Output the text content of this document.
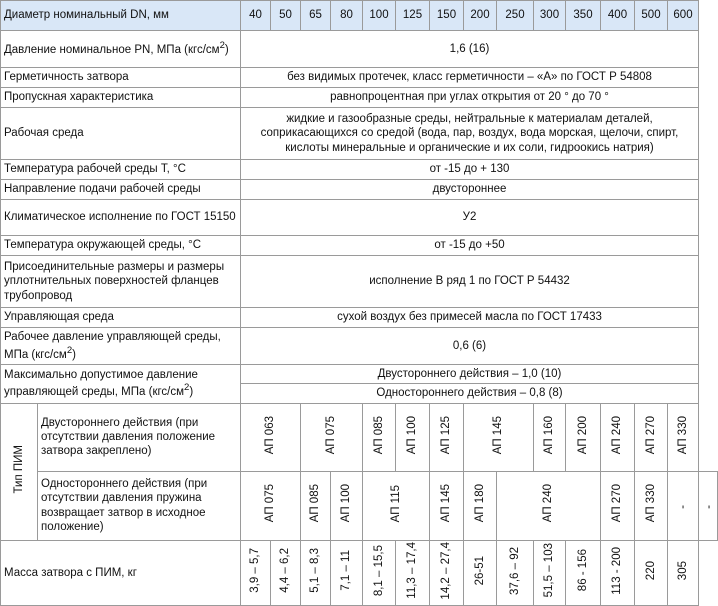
Диаметр номинальный DN, мм		40	50	65	80	100	125	150	200	250	300	350	400	500	600	
Давление номинальное PN, МПа $(кгс/см^2)$		1,6 (16)														
Герметичность затвора		без видимых протечек, класс герметичности – «А» по ГОСТ Р 54808														
Пропускная характеристика		равнопроцентная при углах открытия от 20 ° до 70 °														
Рабочая среда		жидкие и газообразные среды, нейтральные к материалам деталей, соприкасающихся со средой (вода, пар, воздух, вода морская, щелочи, спирт, кислоты минеральные и органические и их соли, гидроокись натрия)														
Температура рабочей среды Т, °С		от -15 до + 130														
Направление подачи рабочей среды		двустороннее														
Климатическое исполнение по ГОСТ 15150		У2														
Температура окружающей среды, °С		от -15 до +50														
Присоединительные размеры и размеры уплотнительных поверхностей фланцев трубопровод		исполнение В ряд 1 по ГОСТ Р 54432														
Управляющая среда		сухой воздух без примесей масла по ГОСТ 17433														
Рабочее давление управляющей среды, МПа $(кгс/см^2)$		0,6 (6)														
Максимально допустимое давление управляющей среды, МПа $(кгс/см^2)$		Двустороннего действия – 1,0 (10)
Одностороннего действия – 0,8 (8)														

Тип ПИМ	Двустороннего действия (при отсутствии давления положение затвора закреплено)	АП 063		АП 075		АП 085	АП 100	АП 125	АП 145		АП 160	АП 200	АП 240	АП 270	АП 330	
	Одностороннего действия (при отсутствии давления пружина возвращает затвор в исходное положение)	АП 075		АП 085	АП 100	АП 115		АП 145	АП 180	АП 240			АП 270	АП 330	-	-
Масса затвора с ПИМ, кг		3,9 – 5,7	4,4 – 6,2	5,1 – 8,3	7,1 – 11	8,1 – 15,5	11,3 – 17,4	14,2 – 27,4	26-51	37,6 – 92	51,5 – 103	86 - 156	113 - 200	220	305	
